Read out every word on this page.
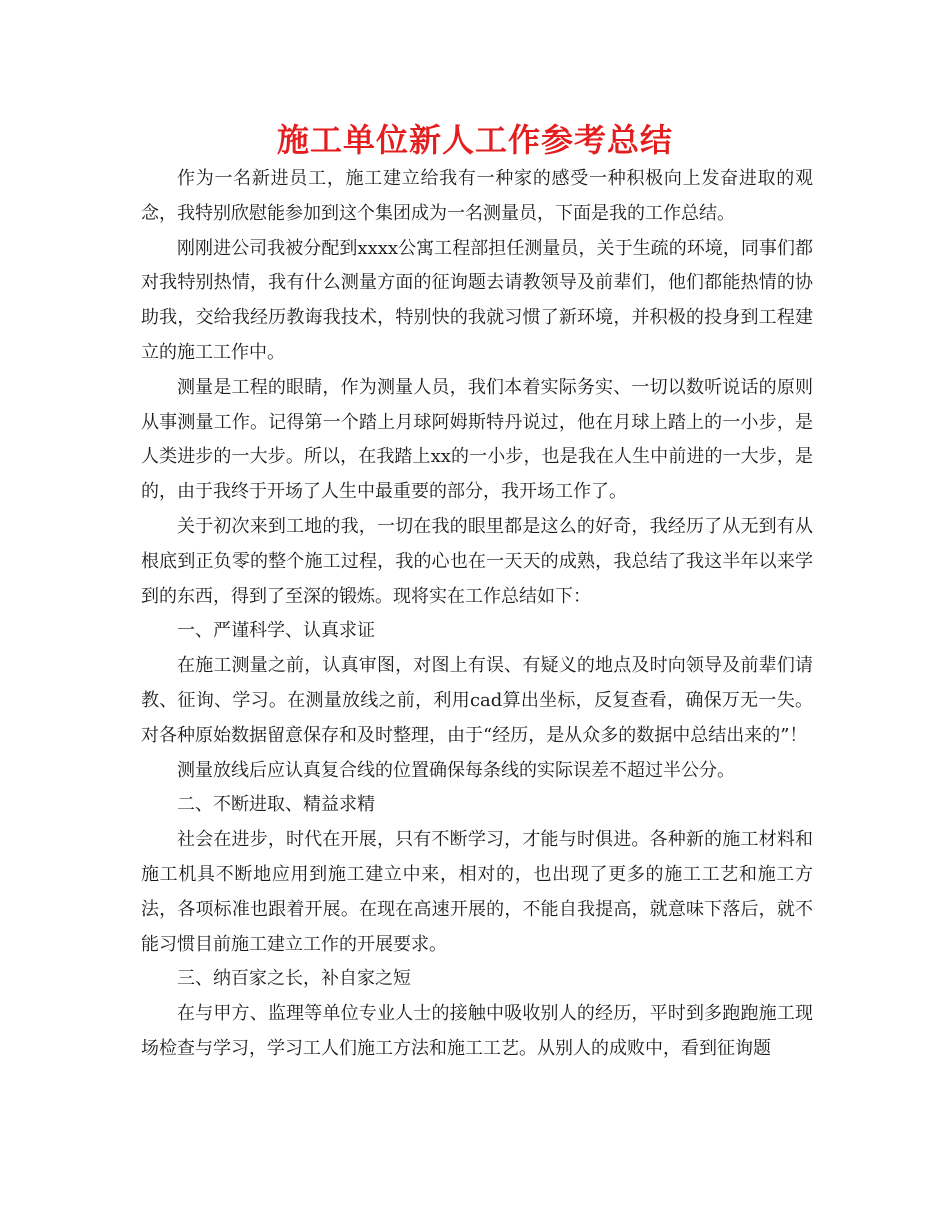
施工单位新人工作参考总结

作为一名新进员工，施工建立给我有一种家的感受一种积极向上发奋进取的观念，我特别欣慰能参加到这个集团成为一名测量员，下面是我的工作总结。

刚刚进公司我被分配到xxxx公寓工程部担任测量员，关于生疏的环境，同事们都对我特别热情，我有什么测量方面的征询题去请教领导及前辈们，他们都能热情的协助我，交给我经历教诲我技术，特别快的我就习惯了新环境，并积极的投身到工程建立的施工工作中。

测量是工程的眼睛，作为测量人员，我们本着实际务实、一切以数听说话的原则从事测量工作。记得第一个踏上月球阿姆斯特丹说过，他在月球上踏上的一小步，是人类进步的一大步。所以，在我踏上xx的一小步，也是我在人生中前进的一大步，是的，由于我终于开场了人生中最重要的部分，我开场工作了。

关于初次来到工地的我，一切在我的眼里都是这么的好奇，我经历了从无到有从根底到正负零的整个施工过程，我的心也在一天天的成熟，我总结了我这半年以来学到的东西，得到了至深的锻炼。现将实在工作总结如下：

一、严谨科学、认真求证

在施工测量之前，认真审图，对图上有误、有疑义的地点及时向领导及前辈们请教、征询、学习。在测量放线之前，利用cad算出坐标，反复查看，确保万无一失。对各种原始数据留意保存和及时整理，由于“经历，是从众多的数据中总结出来的”！

测量放线后应认真复合线的位置确保每条线的实际误差不超过半公分。

二、不断进取、精益求精

社会在进步，时代在开展，只有不断学习，才能与时俱进。各种新的施工材料和施工机具不断地应用到施工建立中来，相对的，也出现了更多的施工工艺和施工方法，各项标准也跟着开展。在现在高速开展的，不能自我提高，就意味下落后，就不能习惯目前施工建立工作的开展要求。

三、纳百家之长，补自家之短

在与甲方、监理等单位专业人士的接触中吸收别人的经历，平时到多跑跑施工现场检查与学习，学习工人们施工方法和施工工艺。从别人的成败中，看到征询题
